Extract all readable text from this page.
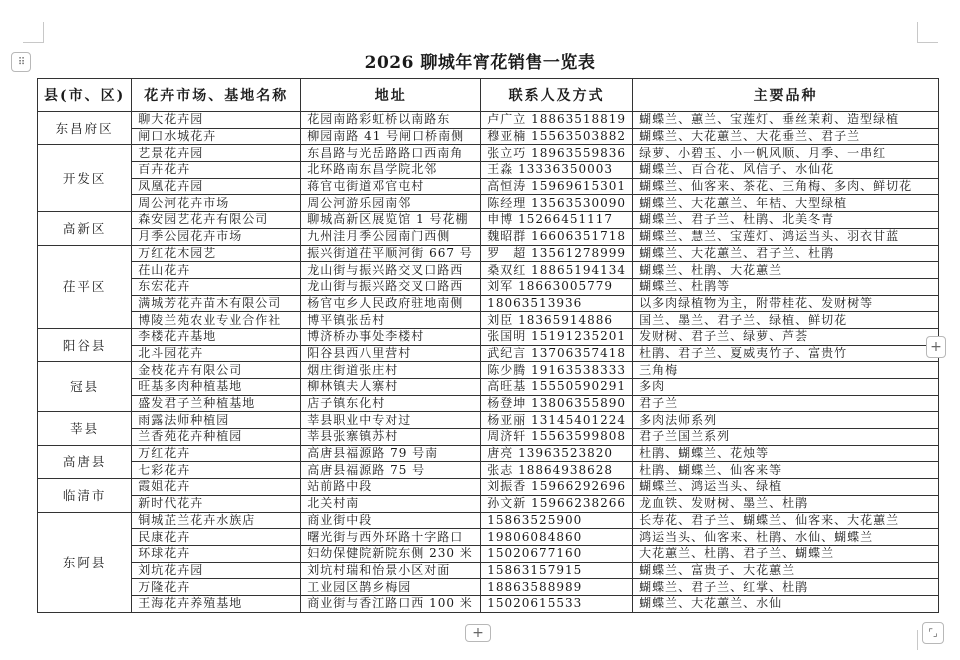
⠿	2026 聊城年宵花销售一览表
县(市、区)	花卉市场、基地名称	地址	联系人及方式	主要品种
东昌府区	聊大花卉园	花园南路彩虹桥以南路东	卢广立 18863518819	蝴蝶兰、蕙兰、宝莲灯、垂丝茉莉、造型绿植
	闸口水城花卉	柳园南路 41 号闸口桥南侧	穆亚楠 15563503882	蝴蝶兰、大花蕙兰、大花垂兰、君子兰
开发区	艺景花卉园	东昌路与光岳路路口西南角	张立巧 18963559836	绿萝、小碧玉、小一帆风顺、月季、一串红
	百卉花卉	北环路南东昌学院北邻	王淼 13336350003	蝴蝶兰、百合花、风信子、水仙花
	凤凰花卉园	蒋官屯街道邓官屯村	高恒涛 15969615301	蝴蝶兰、仙客来、茶花、三角梅、多肉、鲜切花
	周公河花卉市场	周公河游乐园南邻	陈经理 13563530090	蝴蝶兰、大花蕙兰、年桔、大型绿植
高新区	森安园艺花卉有限公司	聊城高新区展览馆 1 号花棚	申博 15266451117	蝴蝶兰、君子兰、杜鹃、北美冬青
	月季公园花卉市场	九州洼月季公园南门西侧	魏昭群 16606351718	蝴蝶兰、慧兰、宝莲灯、鸿运当头、羽衣甘蓝
茌平区	万红花木园艺	振兴街道茌平顺河街 667 号	罗　超 13561278999	蝴蝶兰、大花蕙兰、君子兰、杜鹃
	茌山花卉	龙山街与振兴路交叉口路西	桑双红 18865194134	蝴蝶兰、杜鹃、大花蕙兰
	东宏花卉	龙山街与振兴路交叉口路西	刘军 18663005779	蝴蝶兰、杜鹃等
	满城芳花卉苗木有限公司	杨官屯乡人民政府驻地南侧	18063513936	以多肉绿植物为主，附带桂花、发财树等
	博陵兰苑农业专业合作社	博平镇张岳村	刘臣 18365914886	国兰、墨兰、君子兰、绿植、鲜切花
阳谷县	李楼花卉基地	博济桥办事处李楼村	张国明 15191235201	发财树、君子兰、绿萝、芦荟
	北斗园花卉	阳谷县西八里营村	武纪言 13706357418	杜鹃、君子兰、夏威夷竹子、富贵竹
冠县	金枝花卉有限公司	烟庄街道张庄村	陈少腾 19163538333	三角梅
	旺基多肉种植基地	柳林镇夫人寨村	高旺基 15550590291	多肉
	盛发君子兰种植基地	店子镇东化村	杨登坤 13806355890	君子兰
莘县	雨露法师种植园	莘县职业中专对过	杨亚丽 13145401224	多肉法师系列
	兰香苑花卉种植园	莘县张寨镇苏村	周济轩 15563599808	君子兰国兰系列
高唐县	万红花卉	高唐县福源路 79 号南	唐亮 13963523820	杜鹃、蝴蝶兰、花烛等
	七彩花卉	高唐县福源路 75 号	张志 18864938628	杜鹃、蝴蝶兰、仙客来等
临清市	霞姐花卉	站前路中段	刘振香 15966292696	蝴蝶兰、鸿运当头、绿植
	新时代花卉	北关村南	孙文新 15966238266	龙血铁、发财树、墨兰、杜鹃
东阿县	铜城芷兰花卉水族店	商业街中段	15863525900	长寿花、君子兰、蝴蝶兰、仙客来、大花蕙兰
	民康花卉	曙光街与西外环路十字路口	19806084860	鸿运当头、仙客来、杜鹃、水仙、蝴蝶兰
	环球花卉	妇幼保健院新院东侧 230 米	15020677160	大花蕙兰、杜鹃、君子兰、蝴蝶兰
	刘坑花卉园	刘坑村瑞和怡景小区对面	15863157915	蝴蝶兰、富贵子、大花蕙兰
	万隆花卉	工业园区鹊乡梅园	18863588989	蝴蝶兰、君子兰、红掌、杜鹃
	王海花卉养殖基地	商业街与香江路口西 100 米	15020615533	蝴蝶兰、大花蕙兰、水仙
+
+	⌜⌟
